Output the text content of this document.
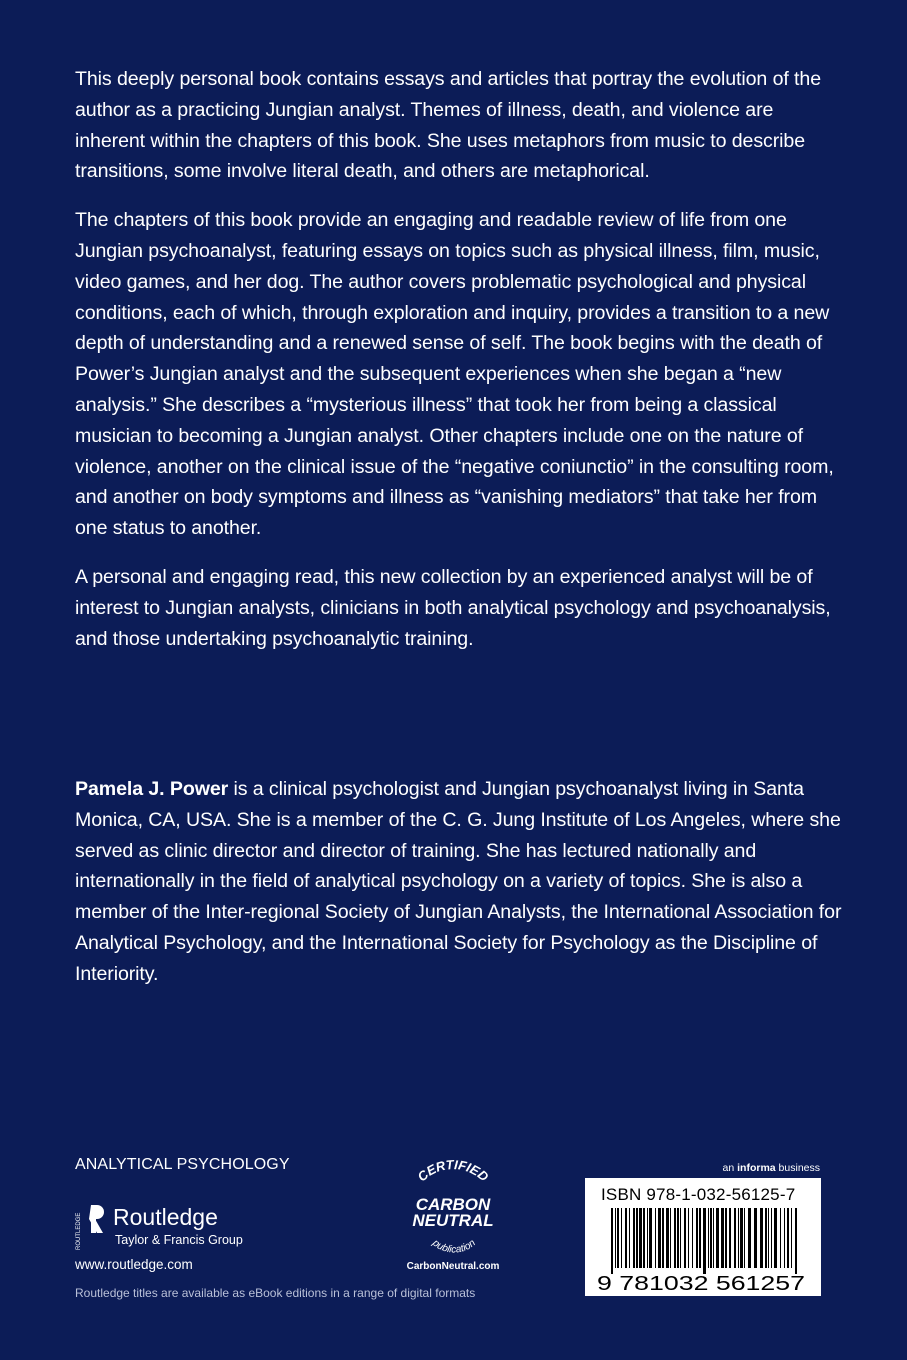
This deeply personal book contains essays and articles that portray the evolution of the author as a practicing Jungian analyst. Themes of illness, death, and violence are inherent within the chapters of this book. She uses metaphors from music to describe transitions, some involve literal death, and others are metaphorical.

The chapters of this book provide an engaging and readable review of life from one Jungian psychoanalyst, featuring essays on topics such as physical illness, film, music, video games, and her dog. The author covers problematic psychological and physical conditions, each of which, through exploration and inquiry, provides a transition to a new depth of understanding and a renewed sense of self. The book begins with the death of Power’s Jungian analyst and the subsequent experiences when she began a “new analysis.” She describes a “mysterious illness” that took her from being a classical musician to becoming a Jungian analyst. Other chapters include one on the nature of violence, another on the clinical issue of the “negative coniunctio” in the consulting room, and another on body symptoms and illness as “vanishing mediators” that take her from one status to another.

A personal and engaging read, this new collection by an experienced analyst will be of interest to Jungian analysts, clinicians in both analytical psychology and psychoanalysis, and those undertaking psychoanalytic training.

Pamela J. Power is a clinical psychologist and Jungian psychoanalyst living in Santa Monica, CA, USA. She is a member of the C. G. Jung Institute of Los Angeles, where she served as clinic director and director of training. She has lectured nationally and internationally in the field of analytical psychology on a variety of topics. She is also a member of the Inter-regional Society of Jungian Analysts, the International Association for Analytical Psychology, and the International Society for Psychology as the Discipline of Interiority.

ANALYTICAL PSYCHOLOGY
ROUTLEDGE Routledge
Taylor & Francis Group
www.routledge.com
Routledge titles are available as eBook editions in a range of digital formats
CERTIFIED
CARBON
NEUTRAL
publication
CarbonNeutral.com
an informa business
ISBN 978-1-032-56125-7
9 781032 561257
